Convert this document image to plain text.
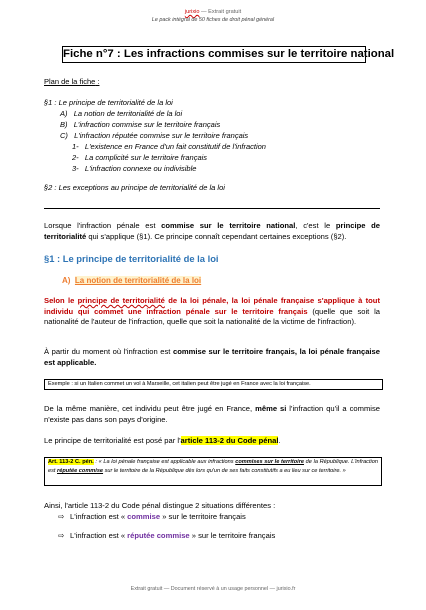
jurixio — Extrait gratuit
Le pack intégral de 50 fiches de droit pénal général
Fiche n°7 : Les infractions commises sur le territoire national
Plan de la fiche :
§1 : Le principe de territorialité de la loi
A)   La notion de territorialité de la loi
B)   L'infraction commise sur le territoire français
C)   L'infraction réputée commise sur le territoire français
1-   L'existence en France d'un fait constitutif de l'infraction
2-   La complicité sur le territoire français
3-   L'infraction connexe ou indivisible
§2 : Les exceptions au principe de territorialité de la loi
Lorsque l'infraction pénale est commise sur le territoire national, c'est le principe de territorialité qui s'applique (§1). Ce principe connaît cependant certaines exceptions (§2).
§1 : Le principe de territorialité de la loi
A) La notion de territorialité de la loi
Selon le principe de territorialité de la loi pénale, la loi pénale française s'applique à tout individu qui commet une infraction pénale sur le territoire français (quelle que soit la nationalité de l'auteur de l'infraction, quelle que soit la nationalité de la victime de l'infraction).
À partir du moment où l'infraction est commise sur le territoire français, la loi pénale française est applicable.
Exemple : si un Italien commet un vol à Marseille, cet italien peut être jugé en France avec la loi française.
De la même manière, cet individu peut être jugé en France, même si l'infraction qu'il a commise n'existe pas dans son pays d'origine.
Le principe de territorialité est posé par l'article 113-2 du Code pénal.
Art. 113-2 C. pén. : « La loi pénale française est applicable aux infractions commises sur le territoire de la République. L'infraction est réputée commise sur le territoire de la République dès lors qu'un de ses faits constitutifs a eu lieu sur ce territoire. »
Ainsi, l'article 113-2 du Code pénal distingue 2 situations différentes :
⇨ L'infraction est « commise » sur le territoire français
⇨ L'infraction est « réputée commise » sur le territoire français
Extrait gratuit — Document réservé à un usage personnel — jurixio.fr
